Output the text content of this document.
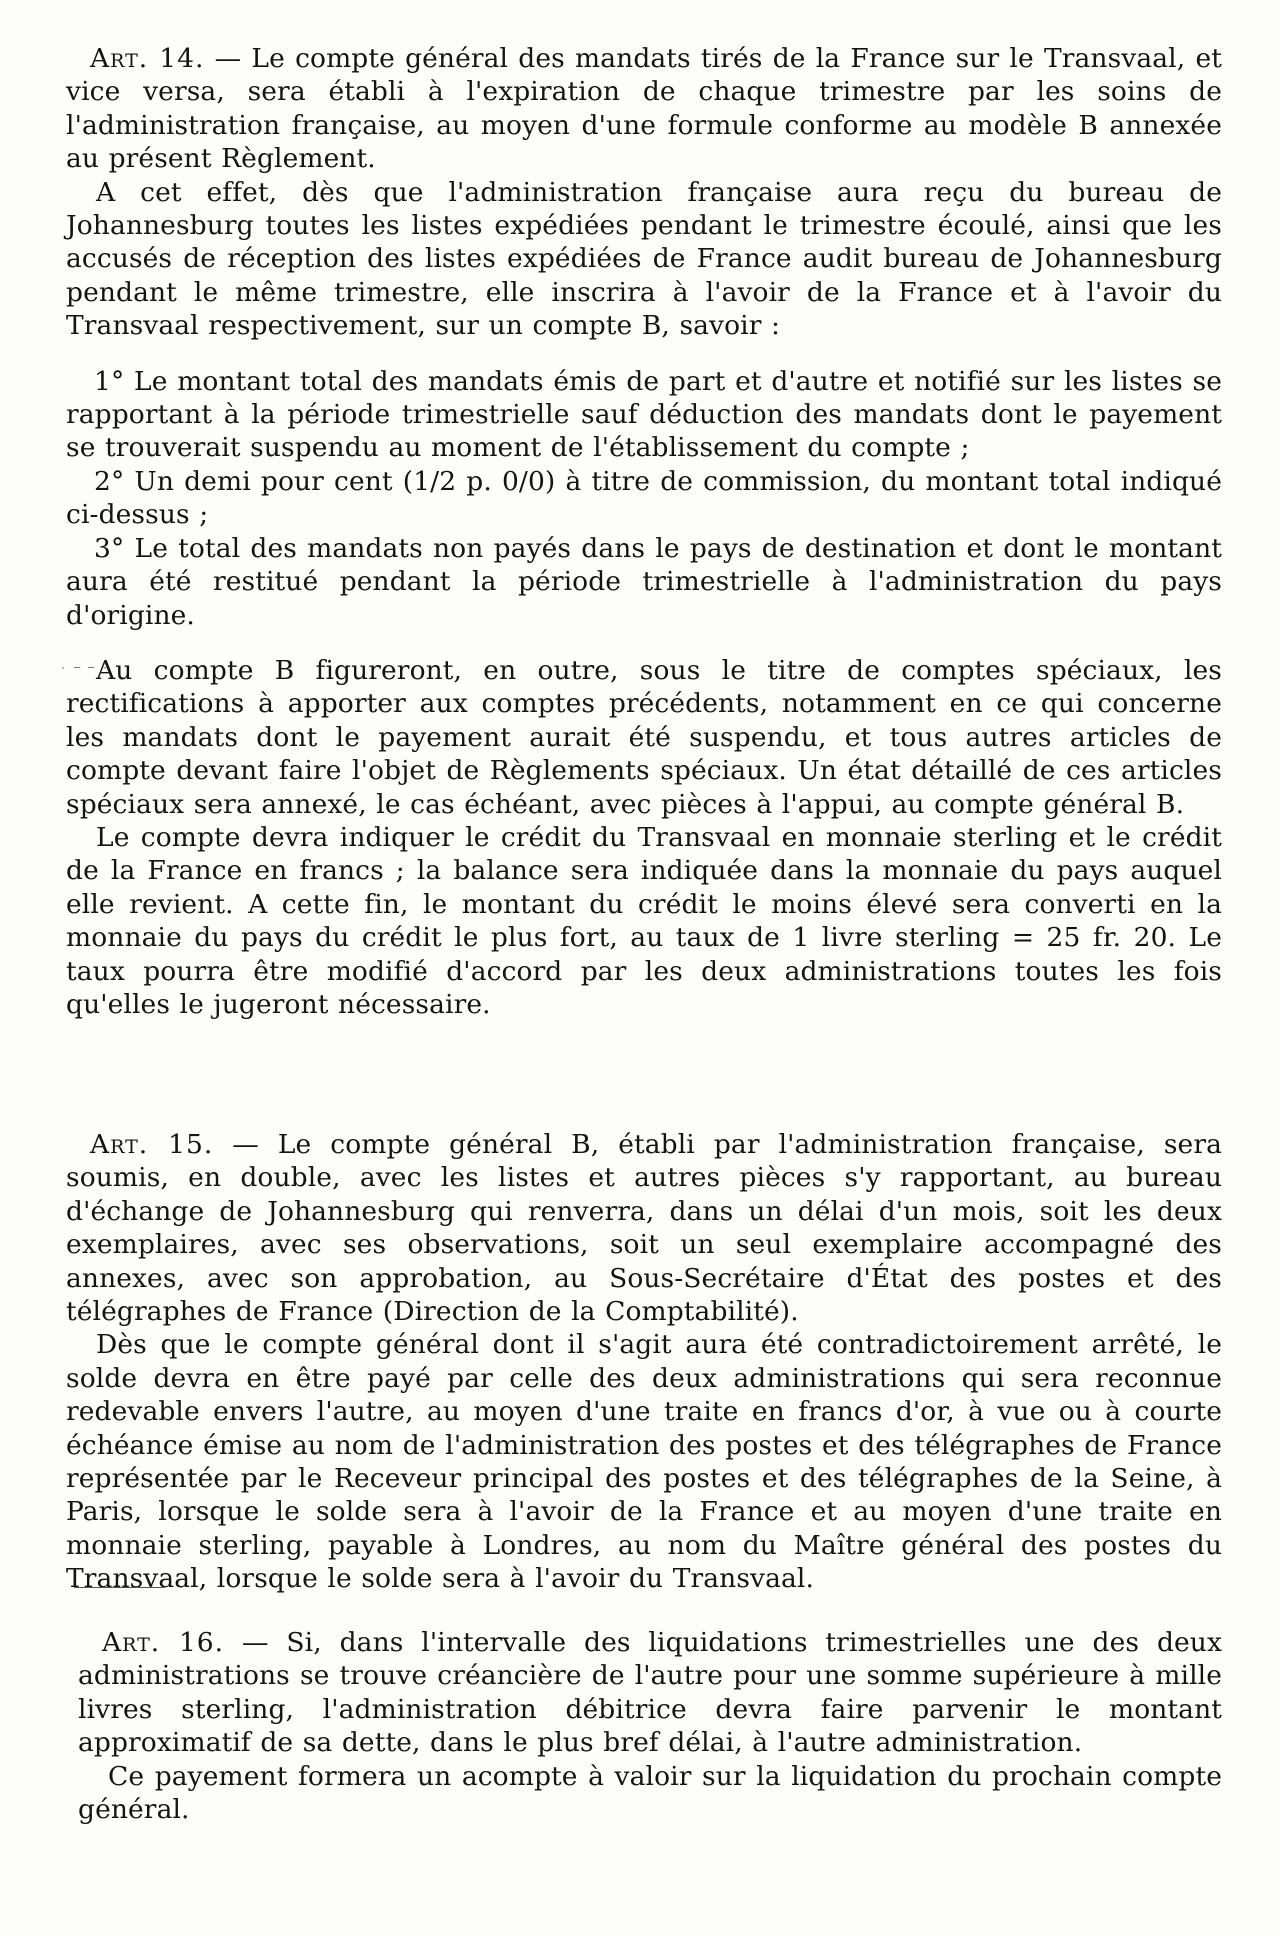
Art. 14. — Le compte général des mandats tirés de la France sur le Transvaal, et vice versa, sera établi à l'expiration de chaque trimestre par les soins de l'administration française, au moyen d'une formule conforme au modèle B annexée au présent Règlement.

A cet effet, dès que l'administration française aura reçu du bureau de Johannesburg toutes les listes expédiées pendant le trimestre écoulé, ainsi que les accusés de réception des listes expédiées de France audit bureau de Johannesburg pendant le même trimestre, elle inscrira à l'avoir de la France et à l'avoir du Transvaal respectivement, sur un compte B, savoir :

1° Le montant total des mandats émis de part et d'autre et notifié sur les listes se rapportant à la période trimestrielle sauf déduction des mandats dont le payement se trouverait suspendu au moment de l'établissement du compte ;

2° Un demi pour cent (1/2 p. 0/0) à titre de commission, du montant total indiqué ci-dessus ;

3° Le total des mandats non payés dans le pays de destination et dont le montant aura été restitué pendant la période trimestrielle à l'administration du pays d'origine.

Au compte B figureront, en outre, sous le titre de comptes spéciaux, les rectifications à apporter aux comptes précédents, notamment en ce qui concerne les mandats dont le payement aurait été suspendu, et tous autres articles de compte devant faire l'objet de Règlements spéciaux. Un état détaillé de ces articles spéciaux sera annexé, le cas échéant, avec pièces à l'appui, au compte général B.

Le compte devra indiquer le crédit du Transvaal en monnaie sterling et le crédit de la France en francs ; la balance sera indiquée dans la monnaie du pays auquel elle revient. A cette fin, le montant du crédit le moins élevé sera converti en la monnaie du pays du crédit le plus fort, au taux de 1 livre sterling = 25 fr. 20. Le taux pourra être modifié d'accord par les deux administrations toutes les fois qu'elles le jugeront nécessaire.

· ─ ─ ·

Art. 15. — Le compte général B, établi par l'administration française, sera soumis, en double, avec les listes et autres pièces s'y rapportant, au bureau d'échange de Johannesburg qui renverra, dans un délai d'un mois, soit les deux exemplaires, avec ses observations, soit un seul exemplaire accompagné des annexes, avec son approbation, au Sous-Secrétaire d'État des postes et des télégraphes de France (Direction de la Comptabilité).

Dès que le compte général dont il s'agit aura été contradictoirement arrêté, le solde devra en être payé par celle des deux administrations qui sera reconnue redevable envers l'autre, au moyen d'une traite en francs d'or, à vue ou à courte échéance émise au nom de l'administration des postes et des télégraphes de France représentée par le Receveur principal des postes et des télégraphes de la Seine, à Paris, lorsque le solde sera à l'avoir de la France et au moyen d'une traite en monnaie sterling, payable à Londres, au nom du Maître général des postes du Transvaal, lorsque le solde sera à l'avoir du Transvaal.

Art. 16. — Si, dans l'intervalle des liquidations trimestrielles une des deux administrations se trouve créancière de l'autre pour une somme supérieure à mille livres sterling, l'administration débitrice devra faire parvenir le montant approximatif de sa dette, dans le plus bref délai, à l'autre administration.

Ce payement formera un acompte à valoir sur la liquidation du prochain compte général.
